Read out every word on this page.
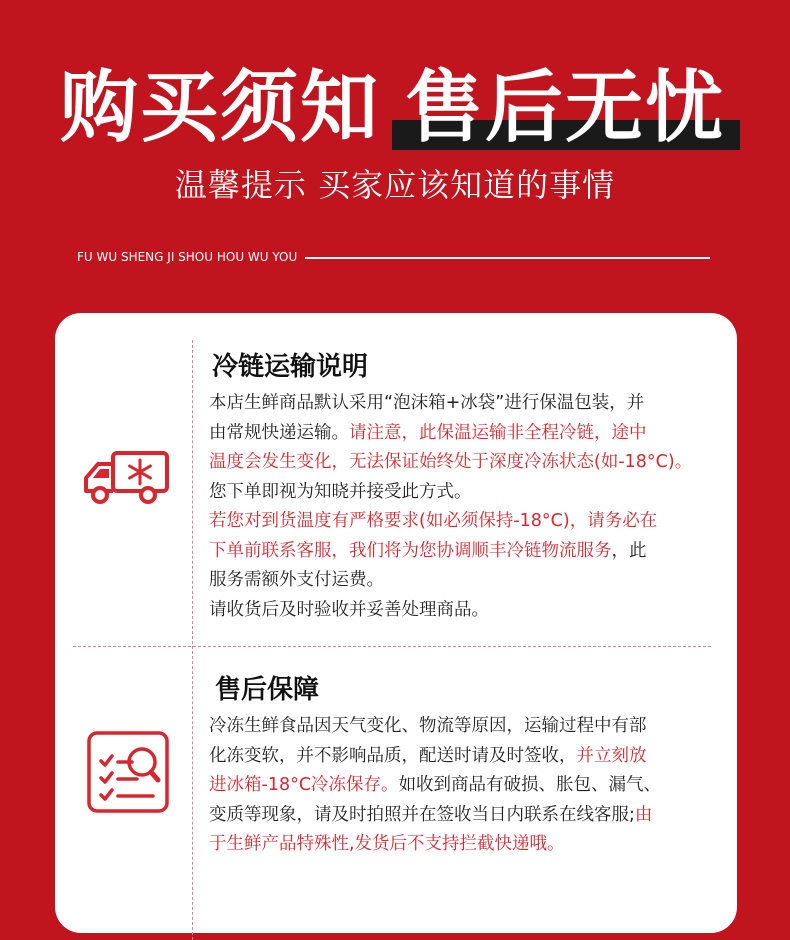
购买须知 售后无忧
温馨提示 买家应该知道的事情
FU WU SHENG JI SHOU HOU WU YOU
冷链运输说明
本店生鲜商品默认采用“泡沫箱+冰袋”进行保温包装，并
由常规快递运输。请注意，此保温运输非全程冷链，途中
温度会发生变化，无法保证始终处于深度冷冻状态(如-18°C)。
您下单即视为知晓并接受此方式。
若您对到货温度有严格要求(如必须保持-18°C)，请务必在
下单前联系客服，我们将为您协调顺丰冷链物流服务，此
服务需额外支付运费。
请收货后及时验收并妥善处理商品。
售后保障
冷冻生鲜食品因天气变化、物流等原因，运输过程中有部
化冻变软，并不影响品质，配送时请及时签收，并立刻放
进冰箱-18°C冷冻保存。如收到商品有破损、胀包、漏气、
变质等现象，请及时拍照并在签收当日内联系在线客服;由
于生鲜产品特殊性,发货后不支持拦截快递哦。
